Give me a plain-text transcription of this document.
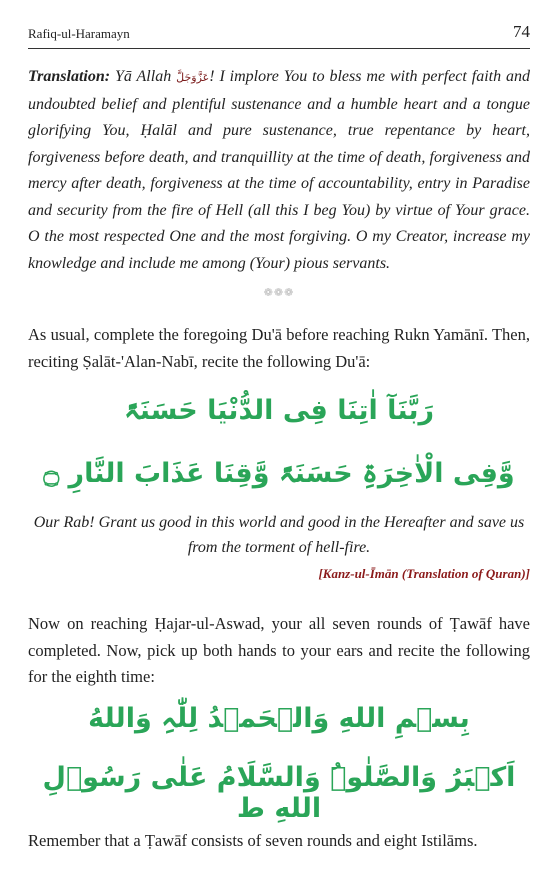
Rafiq-ul-Haramayn	74
Translation: Yā Allah عَزَّوَجَلَّ! I implore You to bless me with perfect faith and undoubted belief and plentiful sustenance and a humble heart and a tongue glorifying You, Ḥalāl and pure sustenance, true repentance by heart, forgiveness before death, and tranquillity at the time of death, forgiveness and mercy after death, forgiveness at the time of accountability, entry in Paradise and security from the fire of Hell (all this I beg You) by virtue of Your grace. O the most respected One and the most forgiving. O my Creator, increase my knowledge and include me among (Your) pious servants.
❁❁❁
As usual, complete the foregoing Du'ā before reaching Rukn Yamānī. Then, reciting Ṣalāt-'Alan-Nabī, recite the following Du'ā:
رَبَّنَآ اٰتِنَا فِی الدُّنْیَا حَسَنَۃً
وَّفِی الْاٰخِرَۃِ حَسَنَۃً وَّقِنَا عَذَابَ النَّارِ ۝
Our Rab! Grant us good in this world and good in the Hereafter and save us from the torment of hell-fire.
[Kanz-ul-Īmān (Translation of Quran)]
Now on reaching Ḥajar-ul-Aswad, your all seven rounds of Ṭawāf have completed. Now, pick up both hands to your ears and recite the following for the eighth time:
بِسۡمِ اللهِ وَالۡحَمۡدُ لِلّٰہِ وَاللهُ
اَکۡبَرُ وَالصَّلٰوۃُ وَالسَّلَامُ عَلٰی رَسُوۡلِ اللهِ ط
Remember that a Ṭawāf consists of seven rounds and eight Istilāms.
